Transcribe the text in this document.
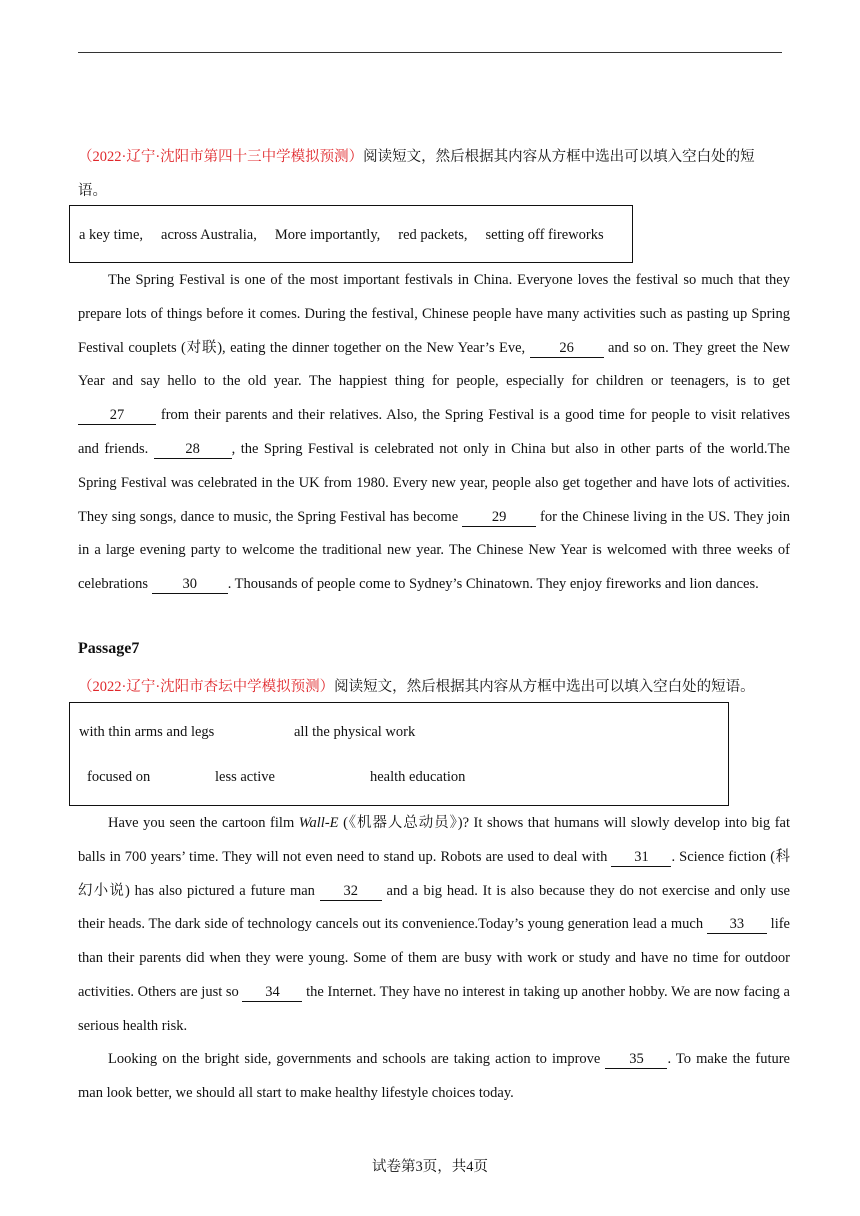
（2022·辽宁·沈阳市第四十三中学模拟预测）阅读短文，然后根据其内容从方框中选出可以填入空白处的短
语。
a key time, across Australia, More importantly, red packets, setting off fireworks
The Spring Festival is one of the most important festivals in China. Everyone loves the festival so much that they prepare lots of things before it comes. During the festival, Chinese people have many activities such as pasting up Spring Festival couplets (对联), eating the dinner together on the New Year’s Eve, 26 and so on. They greet the New Year and say hello to the old year. The happiest thing for people, especially for children or teenagers, is to get 27 from their parents and their relatives. Also, the Spring Festival is a good time for people to visit relatives and friends. 28 , the Spring Festival is celebrated not only in China but also in other parts of the world.The Spring Festival was celebrated in the UK from 1980. Every new year, people also get together and have lots of activities. They sing songs, dance to music, the Spring Festival has become 29 for the Chinese living in the US. They join in a large evening party to welcome the traditional new year. The Chinese New Year is welcomed with three weeks of celebrations 30 . Thousands of people come to Sydney’s Chinatown. They enjoy fireworks and lion dances.
Passage7
（2022·辽宁·沈阳市杏坛中学模拟预测）阅读短文，然后根据其内容从方框中选出可以填入空白处的短语。
with thin arms and legs	all the physical work
focused on	less active	health education
Have you seen the cartoon film Wall-E (《机器人总动员》)? It shows that humans will slowly develop into big fat balls in 700 years’ time. They will not even need to stand up. Robots are used to deal with 31 . Science fiction (科幻小说) has also pictured a future man 32 and a big head. It is also because they do not exercise and only use their heads. The dark side of technology cancels out its convenience.Today’s young generation lead a much 33 life than their parents did when they were young. Some of them are busy with work or study and have no time for outdoor activities. Others are just so 34 the Internet. They have no interest in taking up another hobby. We are now facing a serious health risk.
Looking on the bright side, governments and schools are taking action to improve 35 . To make the future man look better, we should all start to make healthy lifestyle choices today.
试卷第3页，共4页
